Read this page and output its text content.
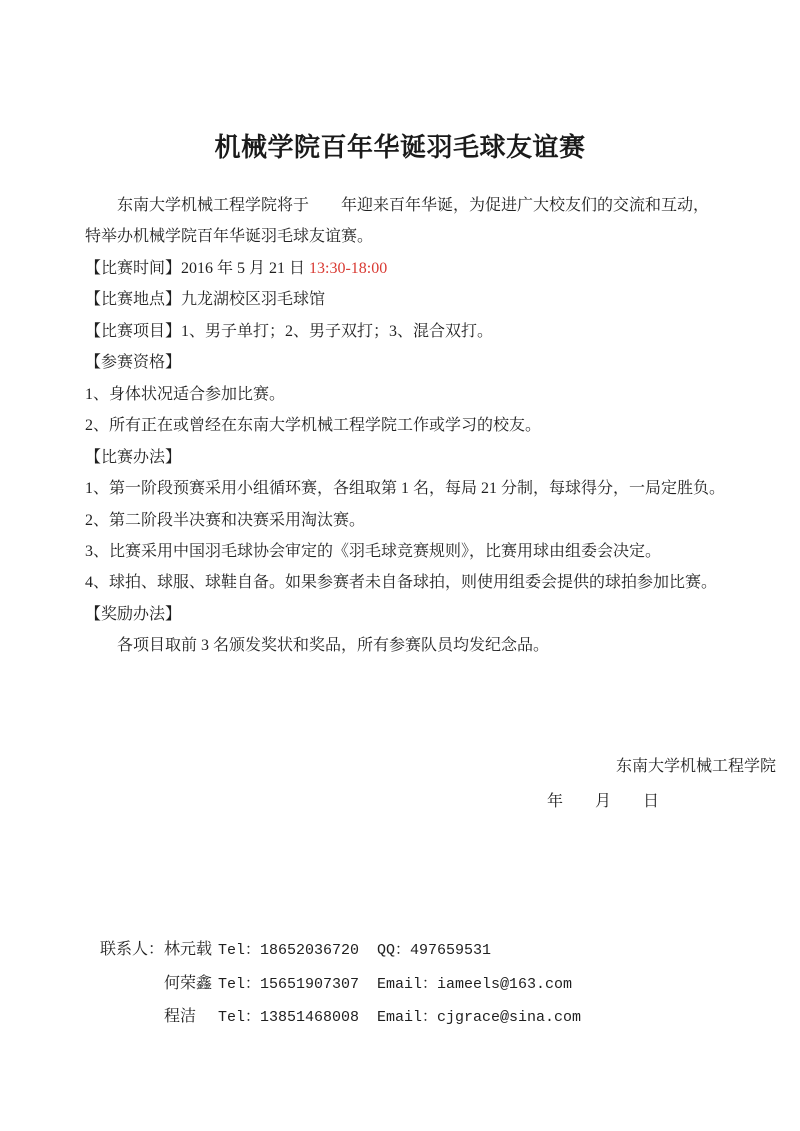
机械学院百年华诞羽毛球友谊赛

东南大学机械工程学院将于　　年迎来百年华诞，为促进广大校友们的交流和互动，

特举办机械学院百年华诞羽毛球友谊赛。

【比赛时间】2016 年 5 月 21 日 13:30-18:00

【比赛地点】九龙湖校区羽毛球馆

【比赛项目】1、男子单打；2、男子双打；3、混合双打。

【参赛资格】

1、身体状况适合参加比赛。

2、所有正在或曾经在东南大学机械工程学院工作或学习的校友。

【比赛办法】

1、第一阶段预赛采用小组循环赛，各组取第 1 名，每局 21 分制，每球得分，一局定胜负。

2、第二阶段半决赛和决赛采用淘汰赛。

3、比赛采用中国羽毛球协会审定的《羽毛球竞赛规则》，比赛用球由组委会决定。

4、球拍、球服、球鞋自备。如果参赛者未自备球拍，则使用组委会提供的球拍参加比赛。

【奖励办法】

各项目取前 3 名颁发奖状和奖品，所有参赛队员均发纪念品。

东南大学机械工程学院
年　　月　　日
联系人：林元载 Tel：18652036720  QQ：497659531
何荣鑫 Tel：15651907307  Email：iameels@163.com
程洁 Tel：13851468008  Email：cjgrace@sina.com
